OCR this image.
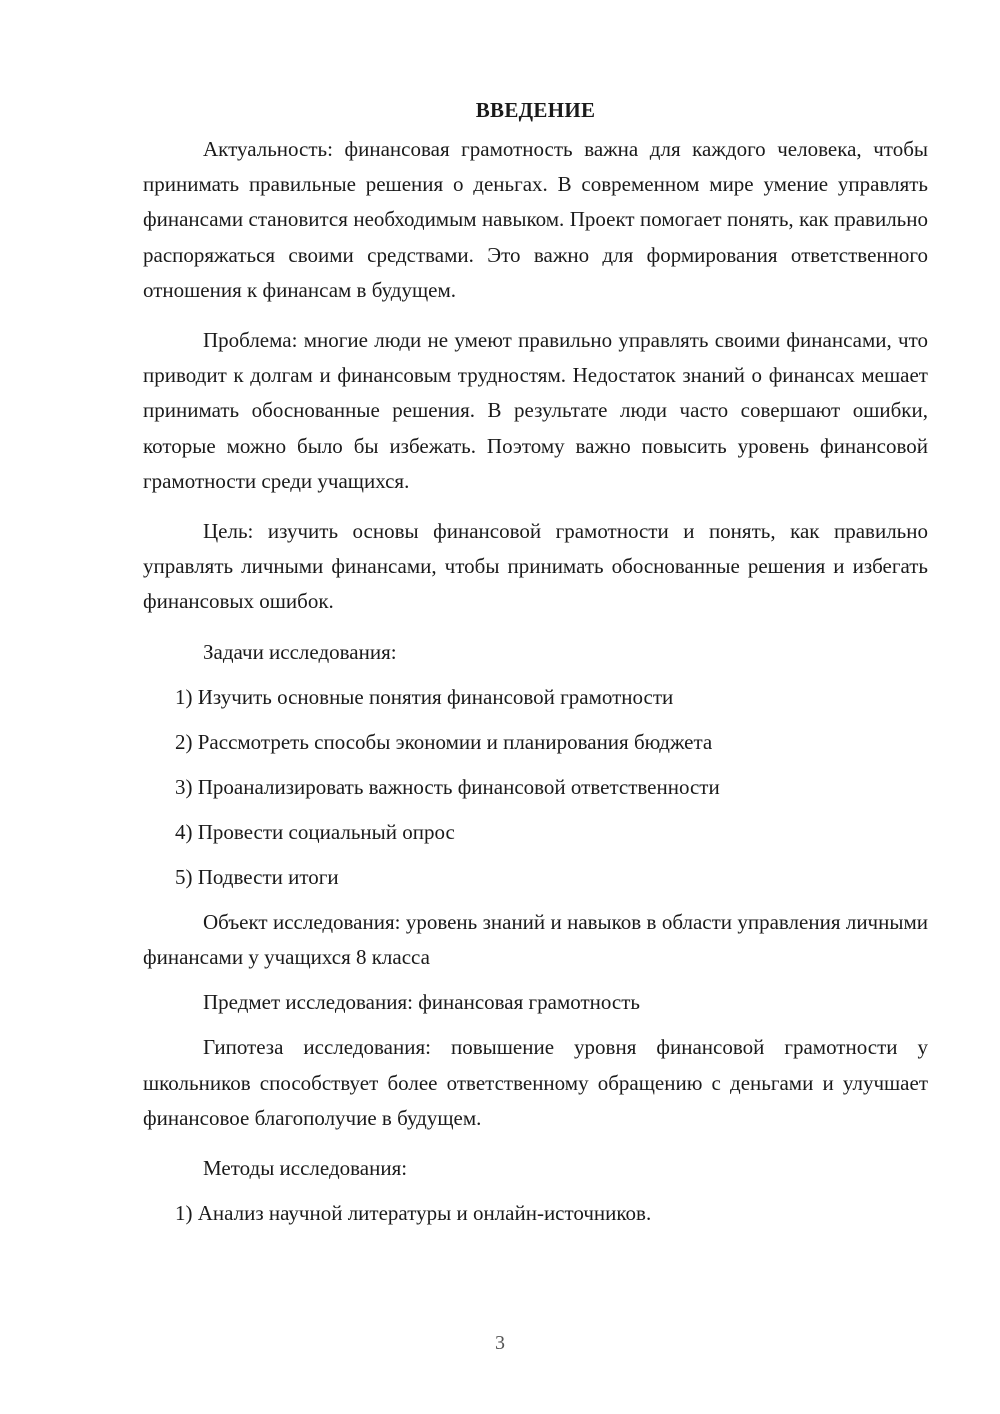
ВВЕДЕНИЕ

Актуальность: финансовая грамотность важна для каждого человека, чтобы принимать правильные решения о деньгах. В современном мире умение управлять финансами становится необходимым навыком. Проект помогает понять, как правильно распоряжаться своими средствами. Это важно для формирования ответственного отношения к финансам в будущем.

Проблема: многие люди не умеют правильно управлять своими финансами, что приводит к долгам и финансовым трудностям. Недостаток знаний о финансах мешает принимать обоснованные решения. В результате люди часто совершают ошибки, которые можно было бы избежать. Поэтому важно повысить уровень финансовой грамотности среди учащихся.

Цель: изучить основы финансовой грамотности и понять, как правильно управлять личными финансами, чтобы принимать обоснованные решения и избегать финансовых ошибок.

Задачи исследования:

1) Изучить основные понятия финансовой грамотности

2) Рассмотреть способы экономии и планирования бюджета

3) Проанализировать важность финансовой ответственности

4) Провести социальный опрос

5) Подвести итоги

Объект исследования: уровень знаний и навыков в области управления личными финансами у учащихся 8 класса

Предмет исследования: финансовая грамотность

Гипотеза исследования: повышение уровня финансовой грамотности у школьников способствует более ответственному обращению с деньгами и улучшает финансовое благополучие в будущем.

Методы исследования:

1) Анализ научной литературы и онлайн-источников.

3
